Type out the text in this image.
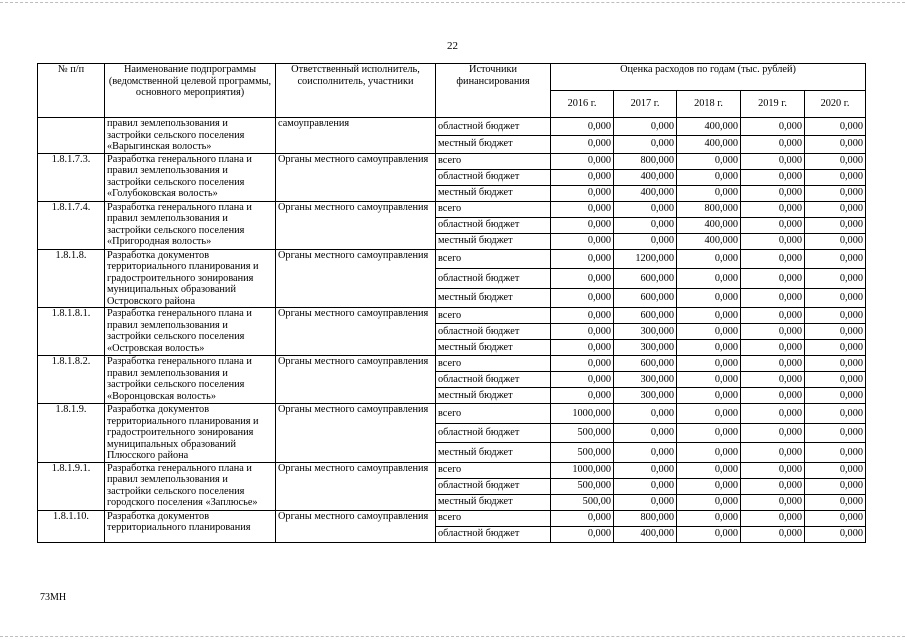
22
№ п/п	Наименование подпрограммы (ведомственной целевой программы, основного мероприятия)	Ответственный исполнитель, соисполнитель, участники	Источники финансирования	Оценка расходов по годам (тыс. рублей)				
				2016 г.	2017 г.	2018 г.	2019 г.	2020 г.
	правил землепользования и застройки сельского поселения «Варыгинская волость»	самоуправления	областной бюджет	0,000	0,000	400,000	0,000	0,000
			местный бюджет	0,000	0,000	400,000	0,000	0,000
1.8.1.7.3.	Разработка генерального плана и правил землепользования и застройки сельского поселения «Голубоковская волость»	Органы местного самоуправления	всего	0,000	800,000	0,000	0,000	0,000
			областной бюджет	0,000	400,000	0,000	0,000	0,000
			местный бюджет	0,000	400,000	0,000	0,000	0,000
1.8.1.7.4.	Разработка генерального плана и правил землепользования и застройки сельского поселения «Пригородная волость»	Органы местного самоуправления	всего	0,000	0,000	800,000	0,000	0,000
			областной бюджет	0,000	0,000	400,000	0,000	0,000
			местный бюджет	0,000	0,000	400,000	0,000	0,000
1.8.1.8.	Разработка документов территориального планирования и градостроительного зонирования муниципальных образований Островского района	Органы местного самоуправления	всего	0,000	1200,000	0,000	0,000	0,000
			областной бюджет	0,000	600,000	0,000	0,000	0,000
			местный бюджет	0,000	600,000	0,000	0,000	0,000
1.8.1.8.1.	Разработка генерального плана и правил землепользования и застройки сельского поселения «Островская волость»	Органы местного самоуправления	всего	0,000	600,000	0,000	0,000	0,000
			областной бюджет	0,000	300,000	0,000	0,000	0,000
			местный бюджет	0,000	300,000	0,000	0,000	0,000
1.8.1.8.2.	Разработка генерального плана и правил землепользования и застройки сельского поселения «Воронцовская волость»	Органы местного самоуправления	всего	0,000	600,000	0,000	0,000	0,000
			областной бюджет	0,000	300,000	0,000	0,000	0,000
			местный бюджет	0,000	300,000	0,000	0,000	0,000
1.8.1.9.	Разработка документов территориального планирования и градостроительного зонирования муниципальных образований Плюсского района	Органы местного самоуправления	всего	1000,000	0,000	0,000	0,000	0,000
			областной бюджет	500,000	0,000	0,000	0,000	0,000
			местный бюджет	500,000	0,000	0,000	0,000	0,000
1.8.1.9.1.	Разработка генерального плана и правил землепользования и застройки сельского поселения городского поселения «Заплюсье»	Органы местного самоуправления	всего	1000,000	0,000	0,000	0,000	0,000
			областной бюджет	500,000	0,000	0,000	0,000	0,000
			местный бюджет	500,00	0,000	0,000	0,000	0,000
1.8.1.10.	Разработка документов территориального планирования	Органы местного самоуправления	всего	0,000	800,000	0,000	0,000	0,000
			областной бюджет	0,000	400,000	0,000	0,000	0,000
73МН
